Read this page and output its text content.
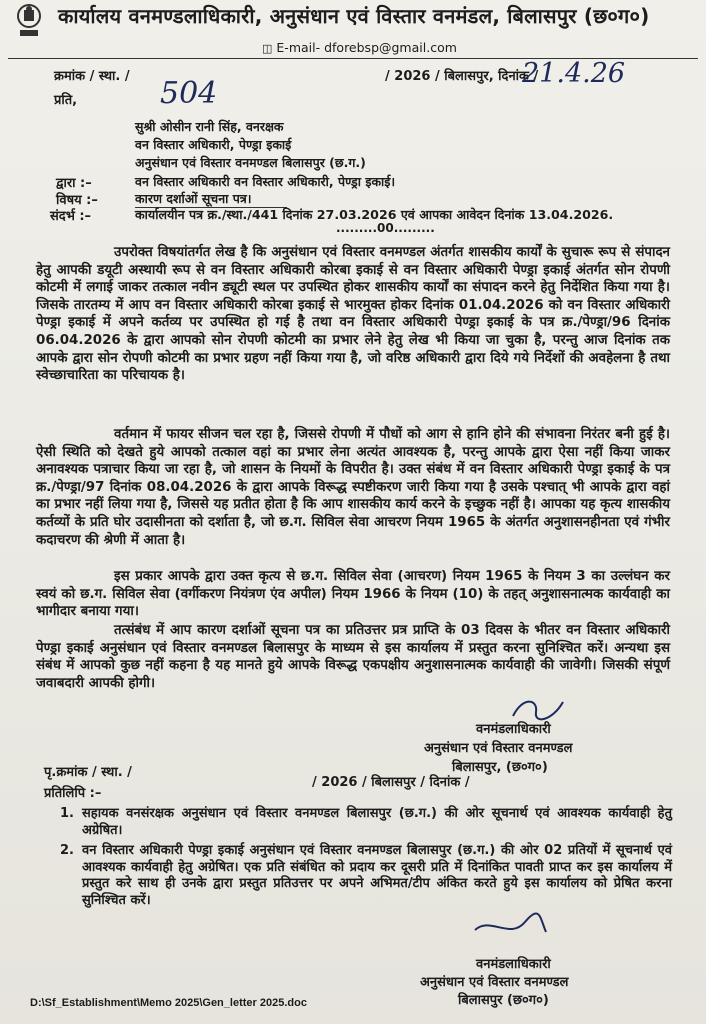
कार्यालय वनमण्डलाधिकारी, अनुसंधान एवं विस्तार वनमंडल, बिलासपुर (छ०ग०)
◫ E-mail- dforebsp@gmail.com
क्रमांक / स्था. / 504	/ 2026 / बिलासपुर, दिनांक /
21.4.26
प्रति,
सुश्री ओसीन रानी सिंह, वनरक्षक
वन विस्तार अधिकारी, पेण्ड्रा इकाई
अनुसंधान एवं विस्तार वनमण्डल बिलासपुर (छ.ग.)
द्वारा :–	वन विस्तार अधिकारी वन विस्तार अधिकारी, पेण्ड्रा इकाई।
विषय :–	कारण दर्शाओं सूचना पत्र।
संदर्भ :–	कार्यालयीन पत्र क्र./स्था./441 दिनांक 27.03.2026 एवं आपका आवेदन दिनांक 13.04.2026.
.........00.........
उपरोक्त विषयांतर्गत लेख है कि अनुसंधान एवं विस्तार वनमण्डल अंतर्गत शासकीय कार्यों के सुचारू रूप से संपादन हेतु आपकी डयूटी अस्थायी रूप से वन विस्तार अधिकारी कोरबा इकाई से वन विस्तार अधिकारी पेण्ड्रा इकाई अंतर्गत सोन रोपणी कोटमी में लगाई जाकर तत्काल नवीन ड्यूटी स्थल पर उपस्थित होकर शासकीय कार्यों का संपादन करने हेतु निर्देशित किया गया है। जिसके तारतम्य में आप वन विस्तार अधिकारी कोरबा इकाई से भारमुक्त होकर दिनांक 01.04.2026 को वन विस्तार अधिकारी पेण्ड्रा इकाई में अपने कर्तव्य पर उपस्थित हो गई है तथा वन विस्तार अधिकारी पेण्ड्रा इकाई के पत्र क्र./पेण्ड्रा/96 दिनांक 06.04.2026 के द्वारा आपको सोन रोपणी कोटमी का प्रभार लेने हेतु लेख भी किया जा चुका है, परन्तु आज दिनांक तक आपके द्वारा सोन रोपणी कोटमी का प्रभार ग्रहण नहीं किया गया है, जो वरिष्ठ अधिकारी द्वारा दिये गये निर्देशों की अवहेलना है तथा स्वेच्छाचारिता का परिचायक है।
वर्तमान में फायर सीजन चल रहा है, जिससे रोपणी में पौधों को आग से हानि होने की संभावना निरंतर बनी हुई है। ऐसी स्थिति को देखते हुये आपको तत्काल वहां का प्रभार लेना अत्यंत आवश्यक है, परन्तु आपके द्वारा ऐसा नहीं किया जाकर अनावश्यक पत्राचार किया जा रहा है, जो शासन के नियमों के विपरीत है। उक्त संबंध में वन विस्तार अधिकारी पेण्ड्रा इकाई के पत्र क्र./पेण्ड्रा/97 दिनांक 08.04.2026 के द्वारा आपके विरूद्ध स्पष्टीकरण जारी किया गया है उसके पश्चात् भी आपके द्वारा वहां का प्रभार नहीं लिया गया है, जिससे यह प्रतीत होता है कि आप शासकीय कार्य करने के इच्छुक नहीं है। आपका यह कृत्य शासकीय कर्तव्यों के प्रति घोर उदासीनता को दर्शाता है, जो छ.ग. सिविल सेवा आचरण नियम 1965 के अंतर्गत अनुशासनहीनता एवं गंभीर कदाचरण की श्रेणी में आता है।
इस प्रकार आपके द्वारा उक्त कृत्य से छ.ग. सिविल सेवा (आचरण) नियम 1965 के नियम 3 का उल्लंघन कर स्वयं को छ.ग. सिविल सेवा (वर्गीकरण नियंत्रण एंव अपील) नियम 1966 के नियम (10) के तहत् अनुशासनात्मक कार्यवाही का भागीदार बनाया गया।
तत्संबंध में आप कारण दर्शाओं सूचना पत्र का प्रतिउत्तर प्रत्र प्राप्ति के 03 दिवस के भीतर वन विस्तार अधिकारी पेण्ड्रा इकाई अनुसंधान एवं विस्तार वनमण्डल बिलासपुर के माध्यम से इस कार्यालय में प्रस्तुत करना सुनिश्चित करें। अन्यथा इस संबंध में आपको कुछ नहीं कहना है यह मानते हुये आपके विरूद्ध एकपक्षीय अनुशासनात्मक कार्यवाही की जावेगी। जिसकी संपूर्ण जवाबदारी आपकी होगी।
वनमंडलाधिकारी
अनुसंधान एवं विस्तार वनमण्डल
बिलासपुर, (छ०ग०)
पृ.क्रमांक / स्था. /
/ 2026 / बिलासपुर / दिनांक /
प्रतिलिपि :–
1. सहायक वनसंरक्षक अनुसंधान एवं विस्तार वनमण्डल बिलासपुर (छ.ग.) की ओर सूचनार्थ एवं आवश्यक कार्यवाही हेतु अग्रेषित।
2. वन विस्तार अधिकारी पेण्ड्रा इकाई अनुसंधान एवं विस्तार वनमण्डल बिलासपुर (छ.ग.) की ओर 02 प्रतियों में सूचनार्थ एवं आवश्यक कार्यवाही हेतु अग्रेषित। एक प्रति संबंधित को प्रदाय कर दूसरी प्रति में दिनांकित पावती प्राप्त कर इस कार्यालय में प्रस्तुत करे साथ ही उनके द्वारा प्रस्तुत प्रतिउत्तर पर अपने अभिमत/टीप अंकित करते हुये इस कार्यालय को प्रेषित करना सुनिश्चित करें।
वनमंडलाधिकारी
अनुसंधान एवं विस्तार वनमण्डल
बिलासपुर (छ०ग०)
D:\Sf_Establishment\Memo 2025\Gen_letter 2025.doc
